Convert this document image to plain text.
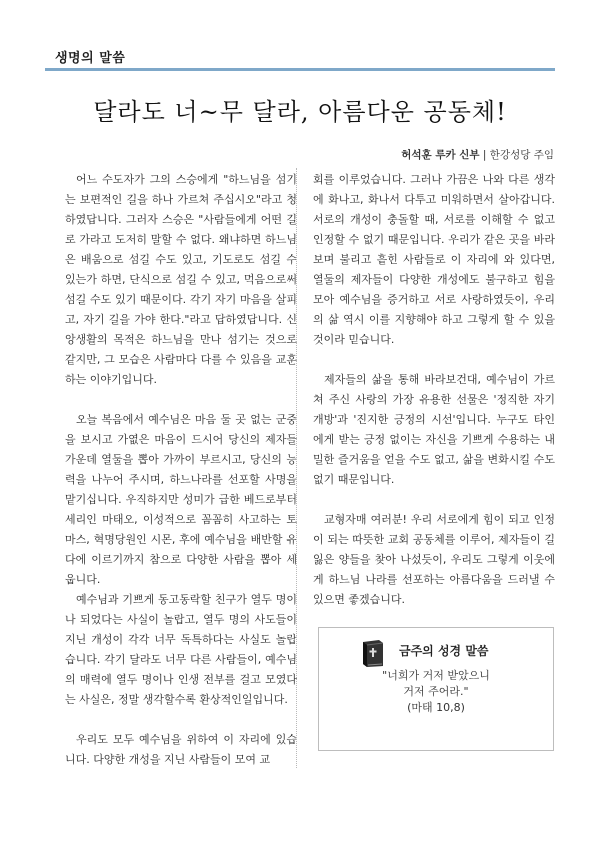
생명의 말씀
달라도 너~무 달라, 아름다운 공동체!
허석훈 루카 신부 | 한강성당 주임

어느 수도자가 그의 스승에게 "하느님을 섬기는 보편적인 길을 하나 가르쳐 주십시오"라고 청하였답니다. 그러자 스승은 "사람들에게 어떤 길로 가라고 도저히 말할 수 없다. 왜냐하면 하느님은 배움으로 섬길 수도 있고, 기도로도 섬길 수 있는가 하면, 단식으로 섬길 수 있고, 먹음으로써 섬길 수도 있기 때문이다. 각기 자기 마음을 살피고, 자기 길을 가야 한다."라고 답하였답니다. 신앙생활의 목적은 하느님을 만나 섬기는 것으로 같지만, 그 모습은 사람마다 다를 수 있음을 교훈하는 이야기입니다.

오늘 복음에서 예수님은 마음 둘 곳 없는 군중을 보시고 가엾은 마음이 드시어 당신의 제자들 가운데 열둘을 뽑아 가까이 부르시고, 당신의 능력을 나누어 주시며, 하느나라를 선포할 사명을 맡기십니다. 우직하지만 성미가 급한 베드로부터 세리인 마태오, 이성적으로 꼼꼼히 사고하는 토마스, 혁명당원인 시몬, 후에 예수님을 배반할 유다에 이르기까지 참으로 다양한 사람을 뽑아 세웁니다.

예수님과 기쁘게 동고동락할 친구가 열두 명이나 되었다는 사실이 놀랍고, 열두 명의 사도들이 지닌 개성이 각각 너무 독특하다는 사실도 놀랍습니다. 각기 달라도 너무 다른 사람들이, 예수님의 매력에 열두 명이나 인생 전부를 걸고 모였다는 사실은, 정말 생각할수록 환상적인일입니다.

우리도 모두 예수님을 위하여 이 자리에 있습니다. 다양한 개성을 지닌 사람들이 모여 교

회를 이루었습니다. 그러나 가끔은 나와 다른 생각에 화나고, 화나서 다투고 미워하면서 살아갑니다. 서로의 개성이 충돌할 때, 서로를 이해할 수 없고 인정할 수 없기 때문입니다. 우리가 같은 곳을 바라보며 불리고 흩힌 사람들로 이 자리에 와 있다면, 열둘의 제자들이 다양한 개성에도 불구하고 힘을 모아 예수님을 증거하고 서로 사랑하였듯이, 우리의 삶 역시 이를 지향해야 하고 그렇게 할 수 있을 것이라 믿습니다.

제자들의 삶을 통해 바라보건대, 예수님이 가르쳐 주신 사랑의 가장 유용한 선물은 '정직한 자기 개방'과 '진지한 긍정의 시선'입니다. 누구도 타인에게 받는 긍정 없이는 자신을 기쁘게 수용하는 내밀한 즐거움을 얻을 수도 없고, 삶을 변화시킬 수도 없기 때문입니다.

교형자매 여러분! 우리 서로에게 힘이 되고 인정이 되는 따뜻한 교회 공동체를 이루어, 제자들이 길 잃은 양들을 찾아 나섰듯이, 우리도 그렇게 이웃에게 하느님 나라를 선포하는 아름다움을 드러낼 수 있으면 좋겠습니다.

금주의 성경 말씀
"너희가 거저 받았으니
거저 주어라."
(마태 10,8)
